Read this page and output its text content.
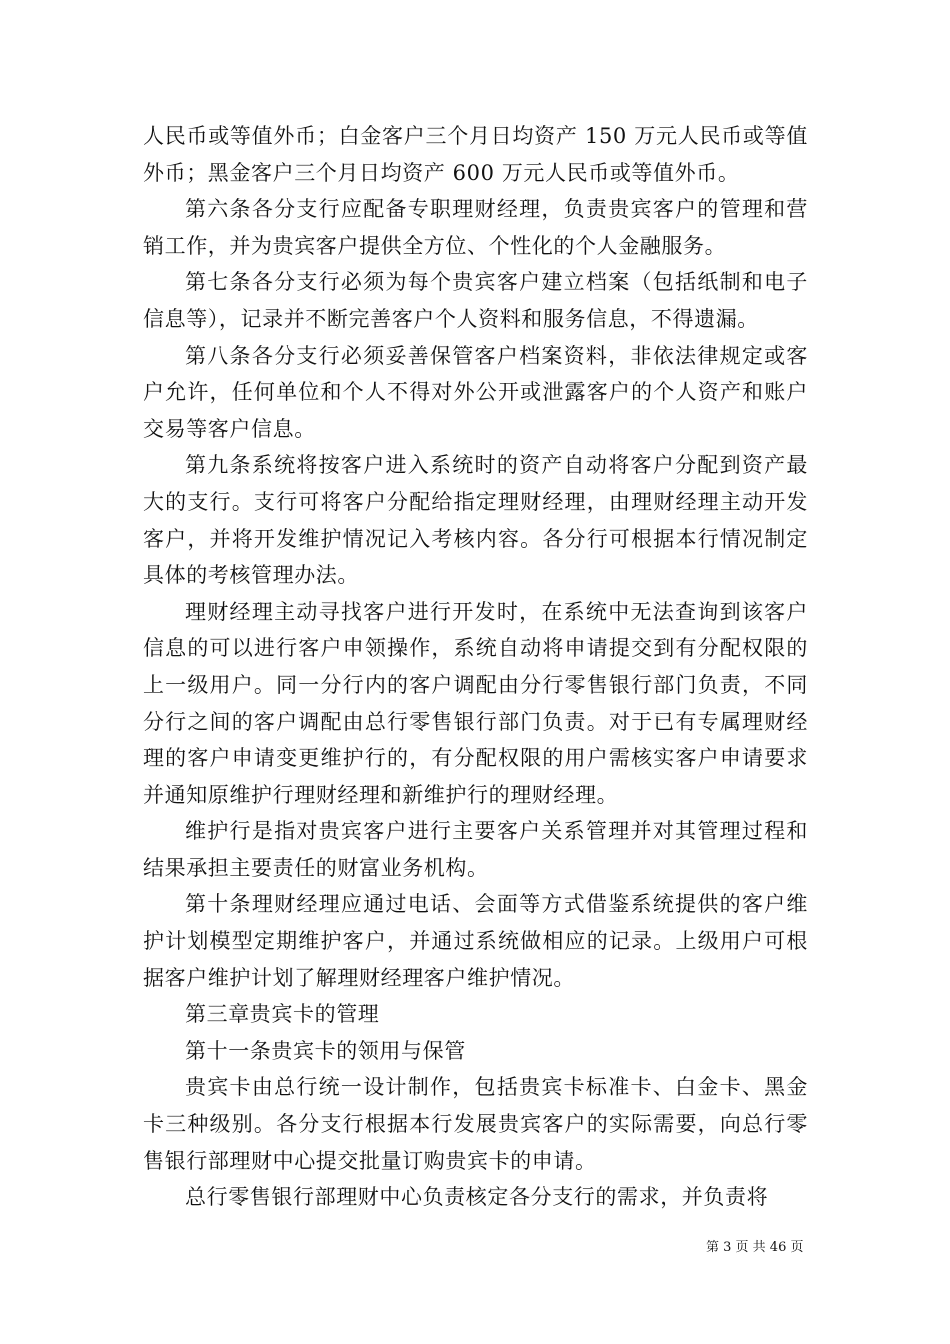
人民币或等值外币；白金客户三个月日均资产 150 万元人民币或等值外币；黑金客户三个月日均资产 600 万元人民币或等值外币。

第六条各分支行应配备专职理财经理，负责贵宾客户的管理和营销工作，并为贵宾客户提供全方位、个性化的个人金融服务。

第七条各分支行必须为每个贵宾客户建立档案（包括纸制和电子信息等），记录并不断完善客户个人资料和服务信息，不得遗漏。

第八条各分支行必须妥善保管客户档案资料，非依法律规定或客户允许，任何单位和个人不得对外公开或泄露客户的个人资产和账户交易等客户信息。

第九条系统将按客户进入系统时的资产自动将客户分配到资产最大的支行。支行可将客户分配给指定理财经理，由理财经理主动开发客户，并将开发维护情况记入考核内容。各分行可根据本行情况制定具体的考核管理办法。

理财经理主动寻找客户进行开发时，在系统中无法查询到该客户信息的可以进行客户申领操作，系统自动将申请提交到有分配权限的上一级用户。同一分行内的客户调配由分行零售银行部门负责，不同分行之间的客户调配由总行零售银行部门负责。对于已有专属理财经理的客户申请变更维护行的，有分配权限的用户需核实客户申请要求并通知原维护行理财经理和新维护行的理财经理。

维护行是指对贵宾客户进行主要客户关系管理并对其管理过程和结果承担主要责任的财富业务机构。

第十条理财经理应通过电话、会面等方式借鉴系统提供的客户维护计划模型定期维护客户，并通过系统做相应的记录。上级用户可根据客户维护计划了解理财经理客户维护情况。

第三章贵宾卡的管理

第十一条贵宾卡的领用与保管

贵宾卡由总行统一设计制作，包括贵宾卡标准卡、白金卡、黑金卡三种级别。各分支行根据本行发展贵宾客户的实际需要，向总行零售银行部理财中心提交批量订购贵宾卡的申请。

总行零售银行部理财中心负责核定各分支行的需求，并负责将

第 3 页 共 46 页
